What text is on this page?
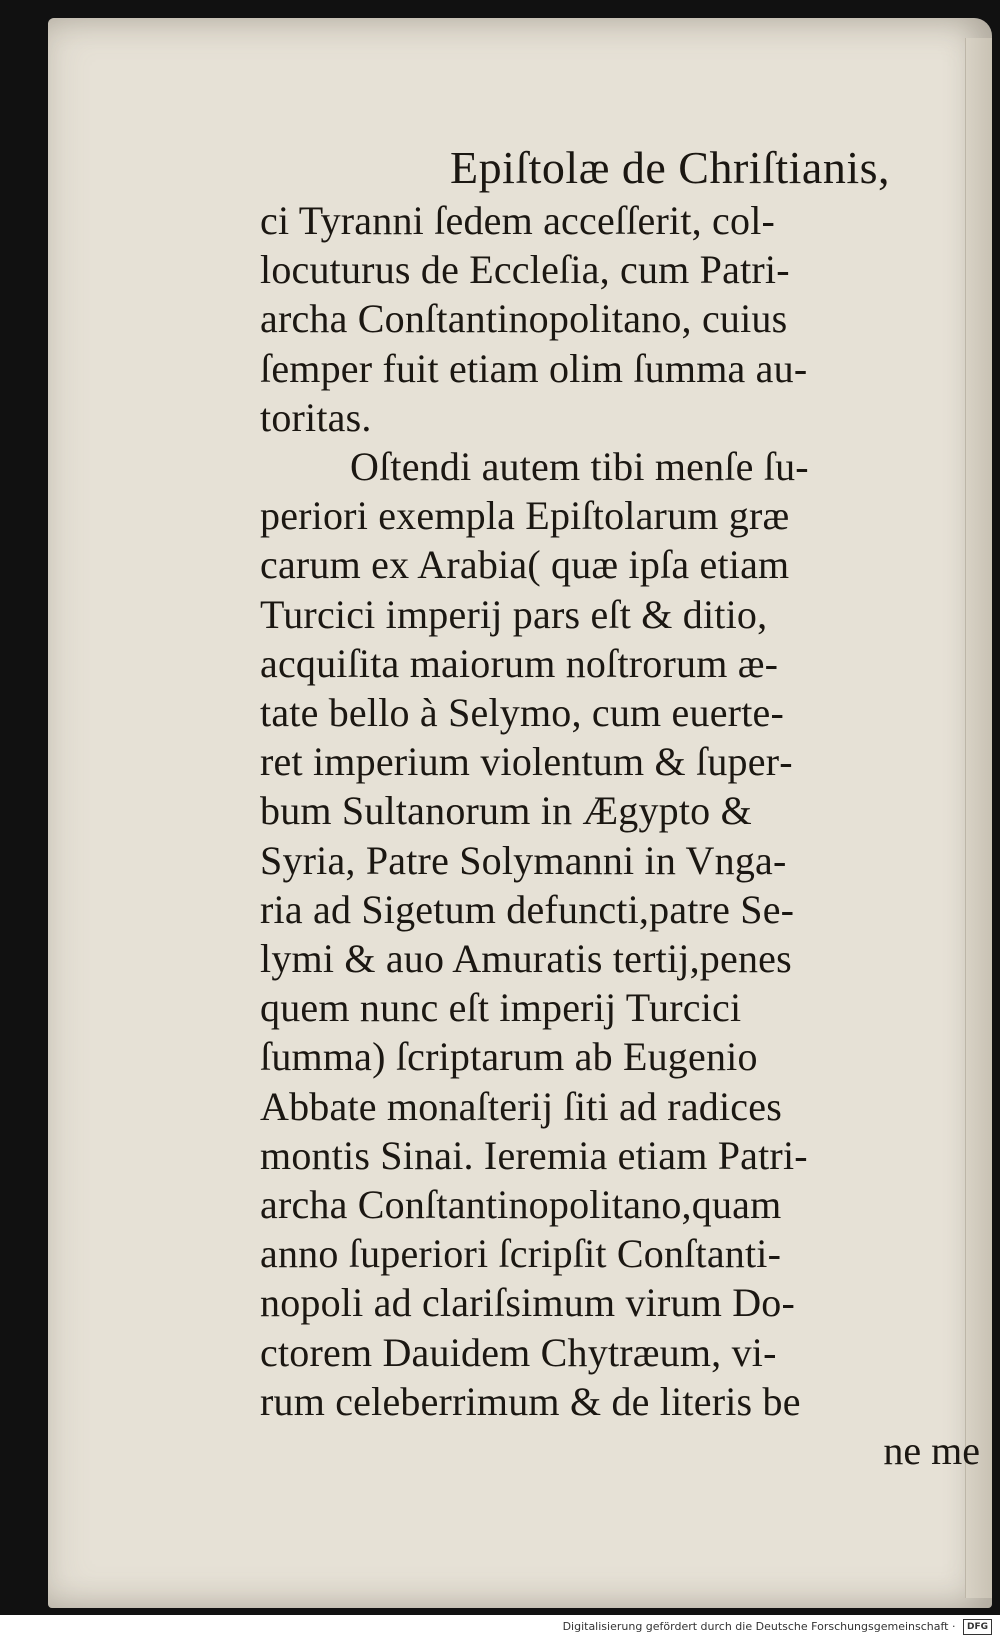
Epiſtolæ de Chriſtianis,
ci Tyranni ſedem acceſſerit, col‐
locuturus de Eccleſia, cum Patri‐
archa Conſtantinopolitano, cuius
ſemper fuit etiam olim ſumma au‐
toritas.
Oſtendi autem tibi menſe ſu‐
periori exempla Epiſtolarum græ
carum ex Arabia( quæ ipſa etiam
Turcici imperij pars eſt & ditio,
acquiſita maiorum noſtrorum æ‐
tate bello à Selymo, cum euerte‐
ret imperium violentum & ſuper‐
bum Sultanorum in Ægypto &
Syria, Patre Solymanni in Vnga‐
ria ad Sigetum defuncti,patre Se‐
lymi & auo Amuratis tertij,penes
quem nunc eſt imperij Turcici
ſumma) ſcriptarum ab Eugenio
Abbate monaſterij ſiti ad radices
montis Sinai. Ieremia etiam Patri‐
archa Conſtantinopolitano,quam
anno ſuperiori ſcripſit Conſtanti‐
nopoli ad clariſsimum virum Do‐
ctorem Dauidem Chytræum, vi‐
rum celeberrimum & de literis be
ne me
Digitalisierung gefördert durch die Deutsche Forschungsgemeinschaft · DFG
